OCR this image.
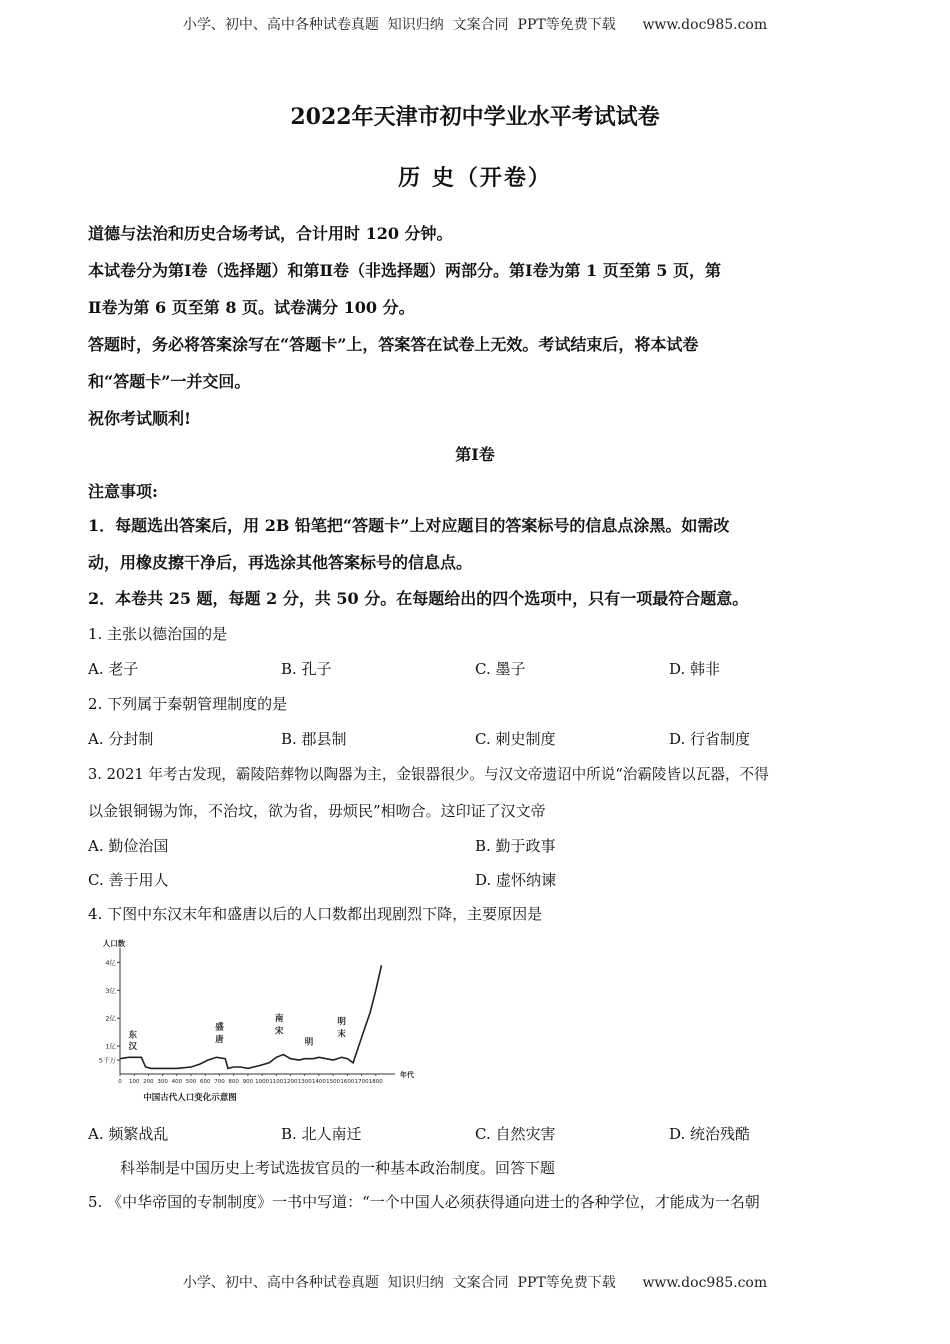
小学、初中、高中各种试卷真题  知识归纳  文案合同  PPT等免费下载      www.doc985.com
2022年天津市初中学业水平考试试卷
历 史（开卷）
道德与法治和历史合场考试，合计用时 120 分钟。
本试卷分为第Ⅰ卷（选择题）和第Ⅱ卷（非选择题）两部分。第Ⅰ卷为第 1 页至第 5 页，第
Ⅱ卷为第 6 页至第 8 页。试卷满分 100 分。
答题时，务必将答案涂写在“答题卡”上，答案答在试卷上无效。考试结束后，将本试卷
和“答题卡”一并交回。
祝你考试顺利!
第Ⅰ卷
注意事项:
1．每题选出答案后，用 2B 铅笔把“答题卡”上对应题目的答案标号的信息点涂黑。如需改
动，用橡皮擦干净后，再选涂其他答案标号的信息点。
2．本卷共 25 题，每题 2 分，共 50 分。在每题给出的四个选项中，只有一项最符合题意。
1. 主张以德治国的是
A. 老子	B. 孔子	C. 墨子	D. 韩非
2. 下列属于秦朝管理制度的是
A. 分封制	B. 郡县制	C. 刺史制度	D. 行省制度
3. 2021 年考古发现，霸陵陪葬物以陶器为主，金银器很少。与汉文帝遗诏中所说“治霸陵皆以瓦器，不得
以金银铜锡为饰，不治坟，欲为省，毋烦民”相吻合。这印证了汉文帝
A. 勤俭治国	B. 勤于政事
C. 善于用人	D. 虚怀纳谏
4. 下图中东汉末年和盛唐以后的人口数都出现剧烈下降，主要原因是
5千万
1亿
2亿
3亿
4亿
0 100 200 300 400 500 600 700 800 900 1000 1100 1200 1300 1400 1500 1600 1700 1800
人口数
年代
中国古代人口变化示意图
东
汉
盛
唐
南
宋
明
明
末
A. 频繁战乱	B. 北人南迁	C. 自然灾害	D. 统治残酷
科举制是中国历史上考试选拔官员的一种基本政治制度。回答下题
5. 《中华帝国的专制制度》一书中写道：“一个中国人必须获得通向进士的各种学位，才能成为一名朝
小学、初中、高中各种试卷真题  知识归纳  文案合同  PPT等免费下载      www.doc985.com
